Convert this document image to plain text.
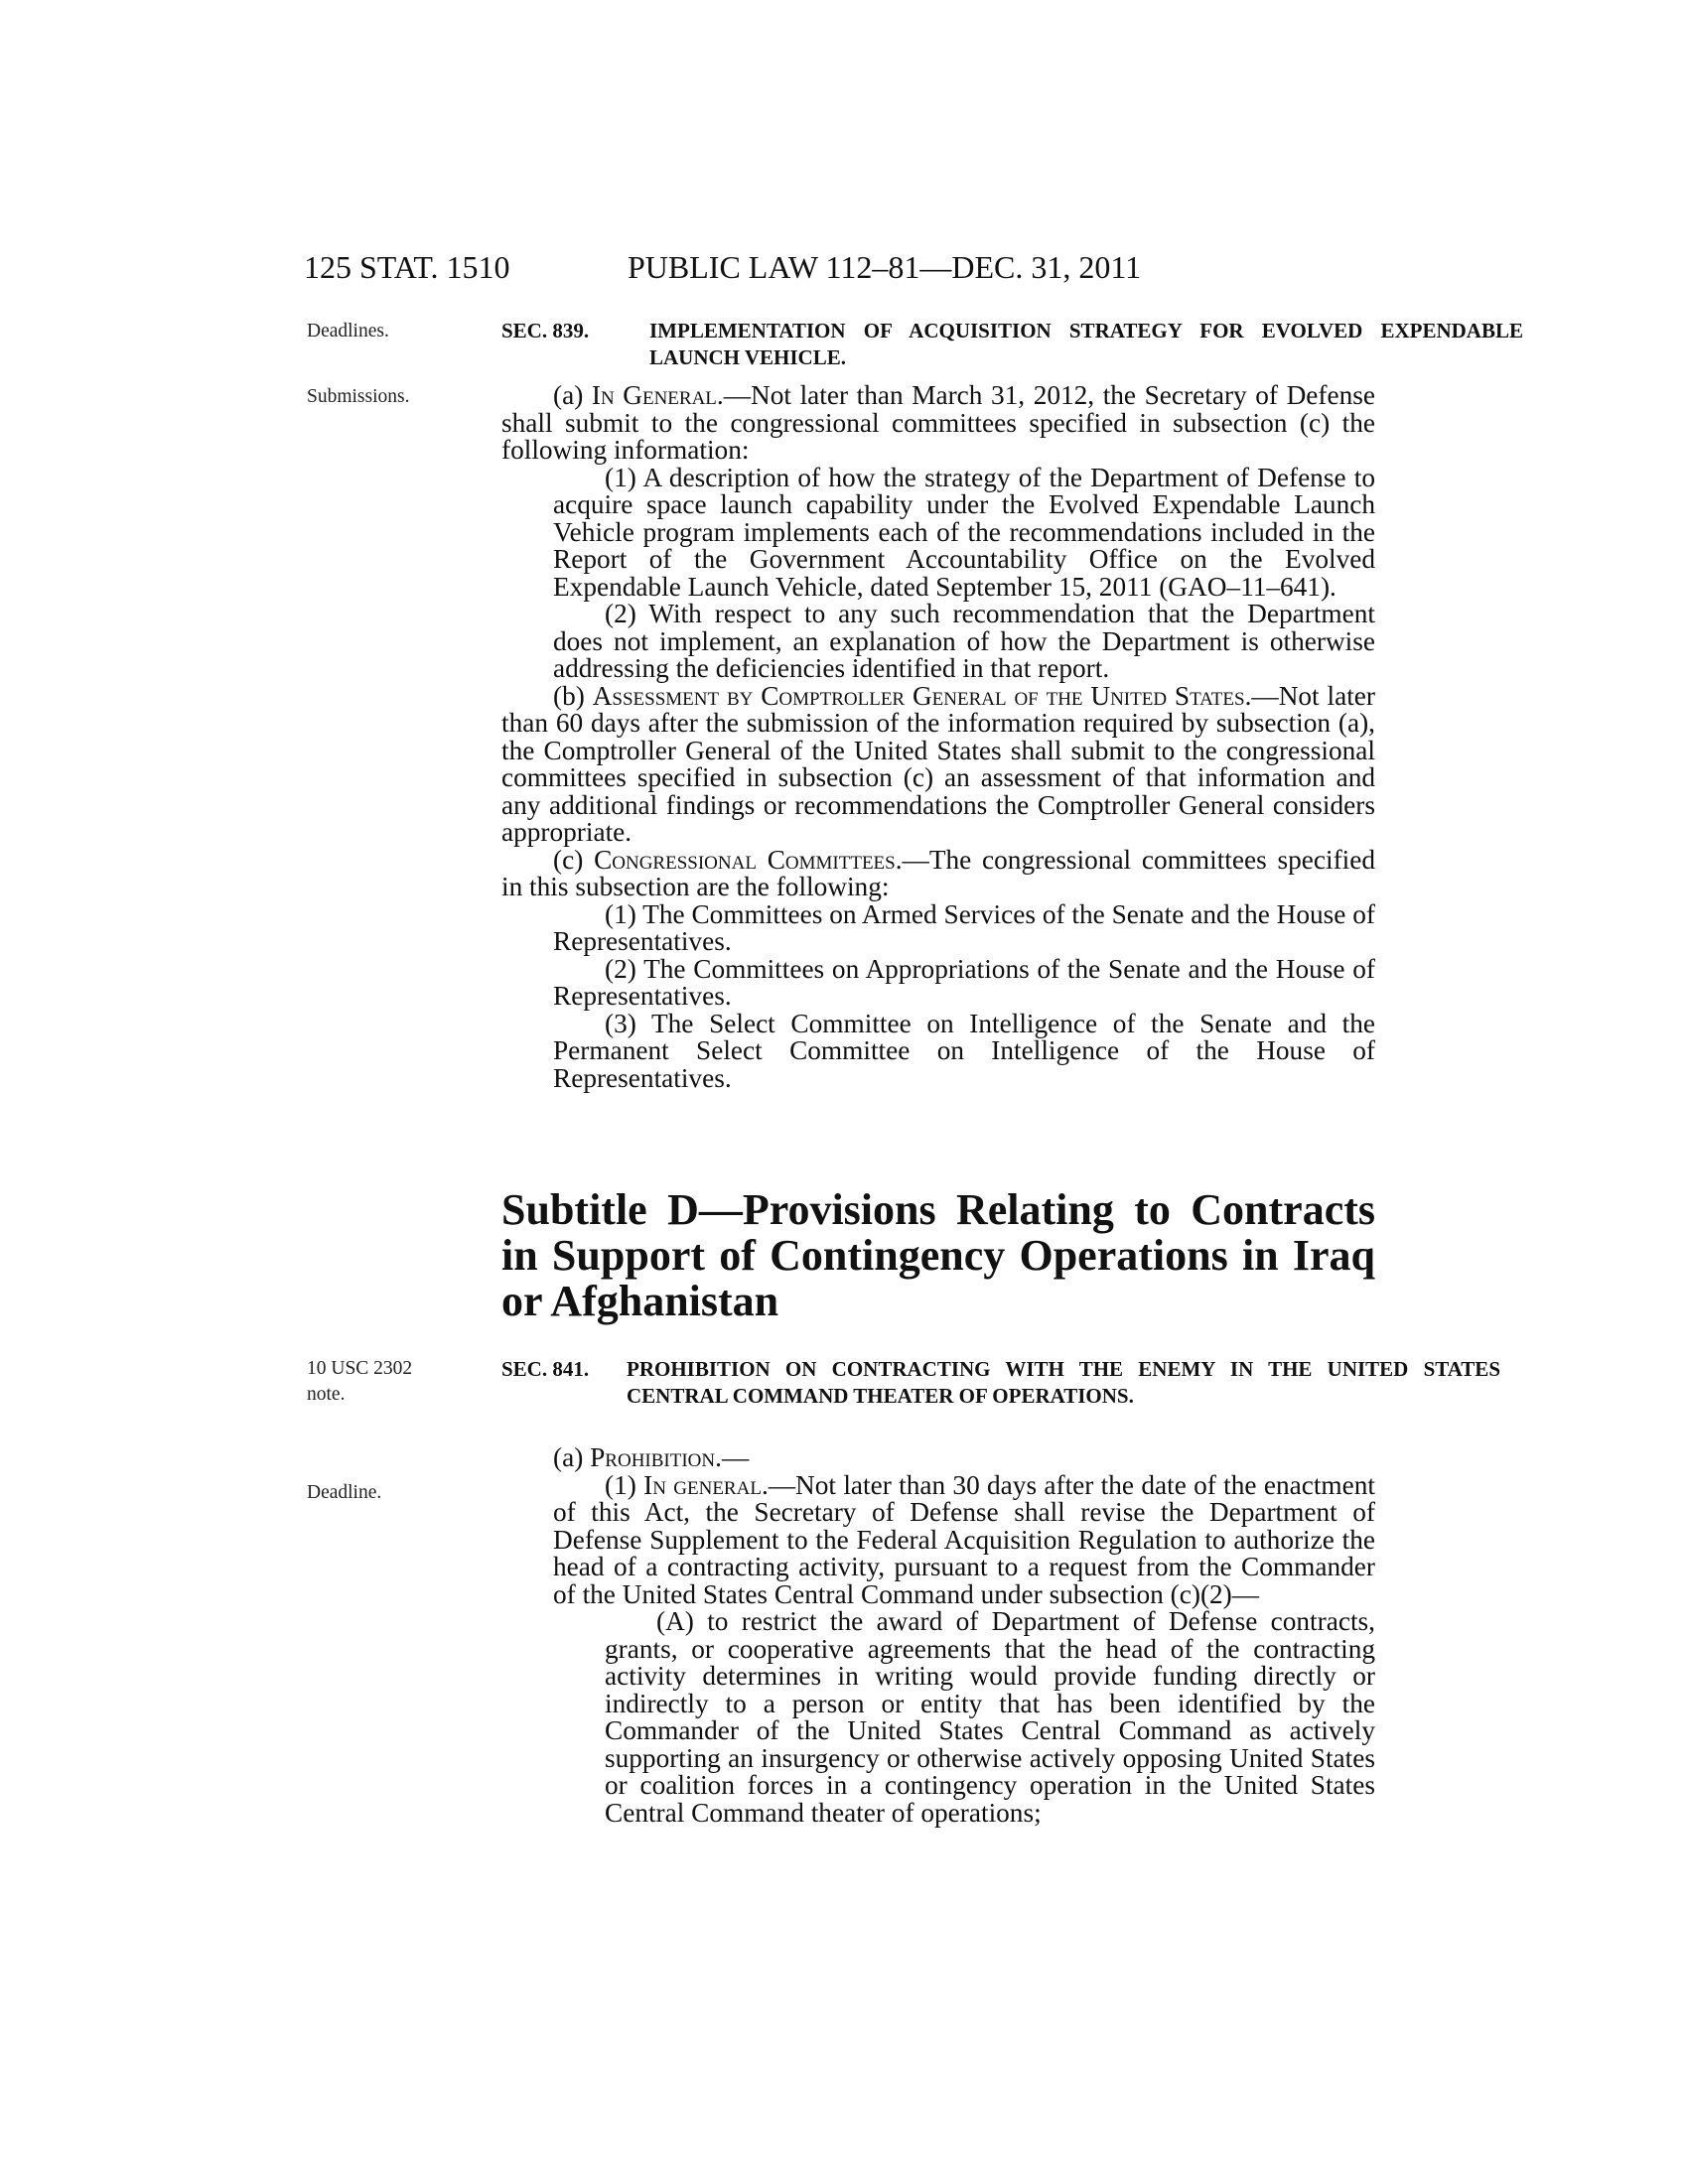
125 STAT. 1510	PUBLIC LAW 112–81—DEC. 31, 2011
Deadlines.
Submissions.
10 USC 2302
note.
Deadline.
SEC. 839.	IMPLEMENTATION OF ACQUISITION STRATEGY FOR EVOLVED EXPENDABLE LAUNCH VEHICLE.

(a) In General.—Not later than March 31, 2012, the Secretary of Defense shall submit to the congressional committees specified in subsection (c) the following information:

(1) A description of how the strategy of the Department of Defense to acquire space launch capability under the Evolved Expendable Launch Vehicle program implements each of the recommendations included in the Report of the Government Accountability Office on the Evolved Expendable Launch Vehicle, dated September 15, 2011 (GAO–11–641).

(2) With respect to any such recommendation that the Department does not implement, an explanation of how the Department is otherwise addressing the deficiencies identified in that report.

(b) Assessment by Comptroller General of the United States.—Not later than 60 days after the submission of the information required by subsection (a), the Comptroller General of the United States shall submit to the congressional committees specified in subsection (c) an assessment of that information and any additional findings or recommendations the Comptroller General considers appropriate.

(c) Congressional Committees.—The congressional committees specified in this subsection are the following:

(1) The Committees on Armed Services of the Senate and the House of Representatives.

(2) The Committees on Appropriations of the Senate and the House of Representatives.

(3) The Select Committee on Intelligence of the Senate and the Permanent Select Committee on Intelligence of the House of Representatives.

Subtitle D—Provisions Relating to Contracts in Support of Contingency Operations in Iraq or Afghanistan
SEC. 841. PROHIBITION ON CONTRACTING WITH THE ENEMY IN THE UNITED STATES CENTRAL COMMAND THEATER OF OPERATIONS.

(a) Prohibition.—

(1) In general.—Not later than 30 days after the date of the enactment of this Act, the Secretary of Defense shall revise the Department of Defense Supplement to the Federal Acquisition Regulation to authorize the head of a contracting activity, pursuant to a request from the Commander of the United States Central Command under subsection (c)(2)—

(A) to restrict the award of Department of Defense contracts, grants, or cooperative agreements that the head of the contracting activity determines in writing would provide funding directly or indirectly to a person or entity that has been identified by the Commander of the United States Central Command as actively supporting an insurgency or otherwise actively opposing United States or coalition forces in a contingency operation in the United States Central Command theater of operations;
